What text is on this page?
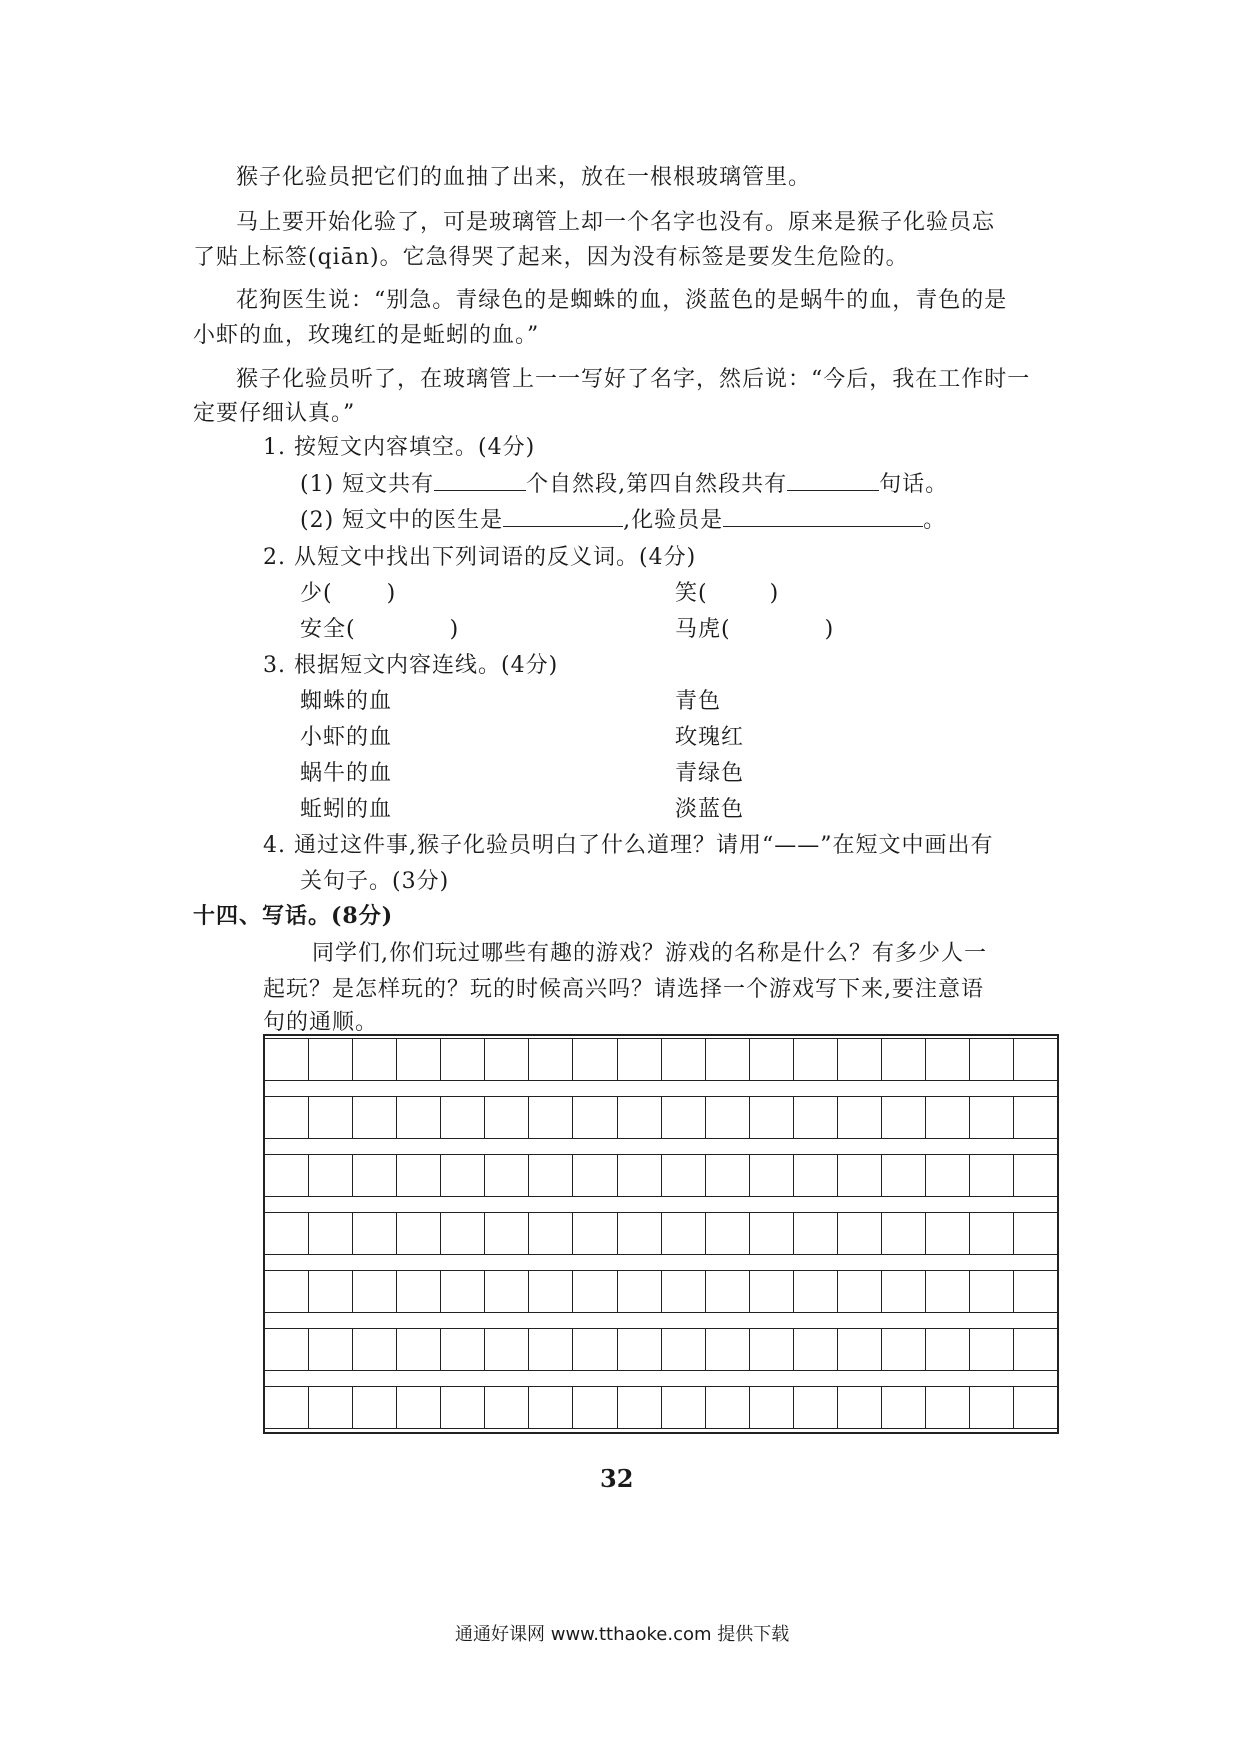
猴子化验员把它们的血抽了出来，放在一根根玻璃管里。
马上要开始化验了，可是玻璃管上却一个名字也没有。原来是猴子化验员忘
了贴上标签(qiān)。它急得哭了起来，因为没有标签是要发生危险的。
花狗医生说：“别急。青绿色的是蜘蛛的血，淡蓝色的是蜗牛的血，青色的是
小虾的血，玫瑰红的是蚯蚓的血。”
猴子化验员听了，在玻璃管上一一写好了名字，然后说：“今后，我在工作时一
定要仔细认真。”
1. 按短文内容填空。(4分)
(1) 短文共有	个自然段,第四自然段共有	句话。
(2) 短文中的医生是	,化验员是	。
2. 从短文中找出下列词语的反义词。(4分)
少( )	笑(	)
安全(	)	马虎(	)
3. 根据短文内容连线。(4分)
蜘蛛的血	青色
小虾的血	玫瑰红
蜗牛的血	青绿色
蚯蚓的血	淡蓝色
4. 通过这件事,猴子化验员明白了什么道理？请用“——”在短文中画出有
关句子。(3分)
十四、写话。(8分)
同学们,你们玩过哪些有趣的游戏？游戏的名称是什么？有多少人一
起玩？是怎样玩的？玩的时候高兴吗？请选择一个游戏写下来,要注意语
句的通顺。
32
通通好课网 www.tthaoke.com 提供下载
